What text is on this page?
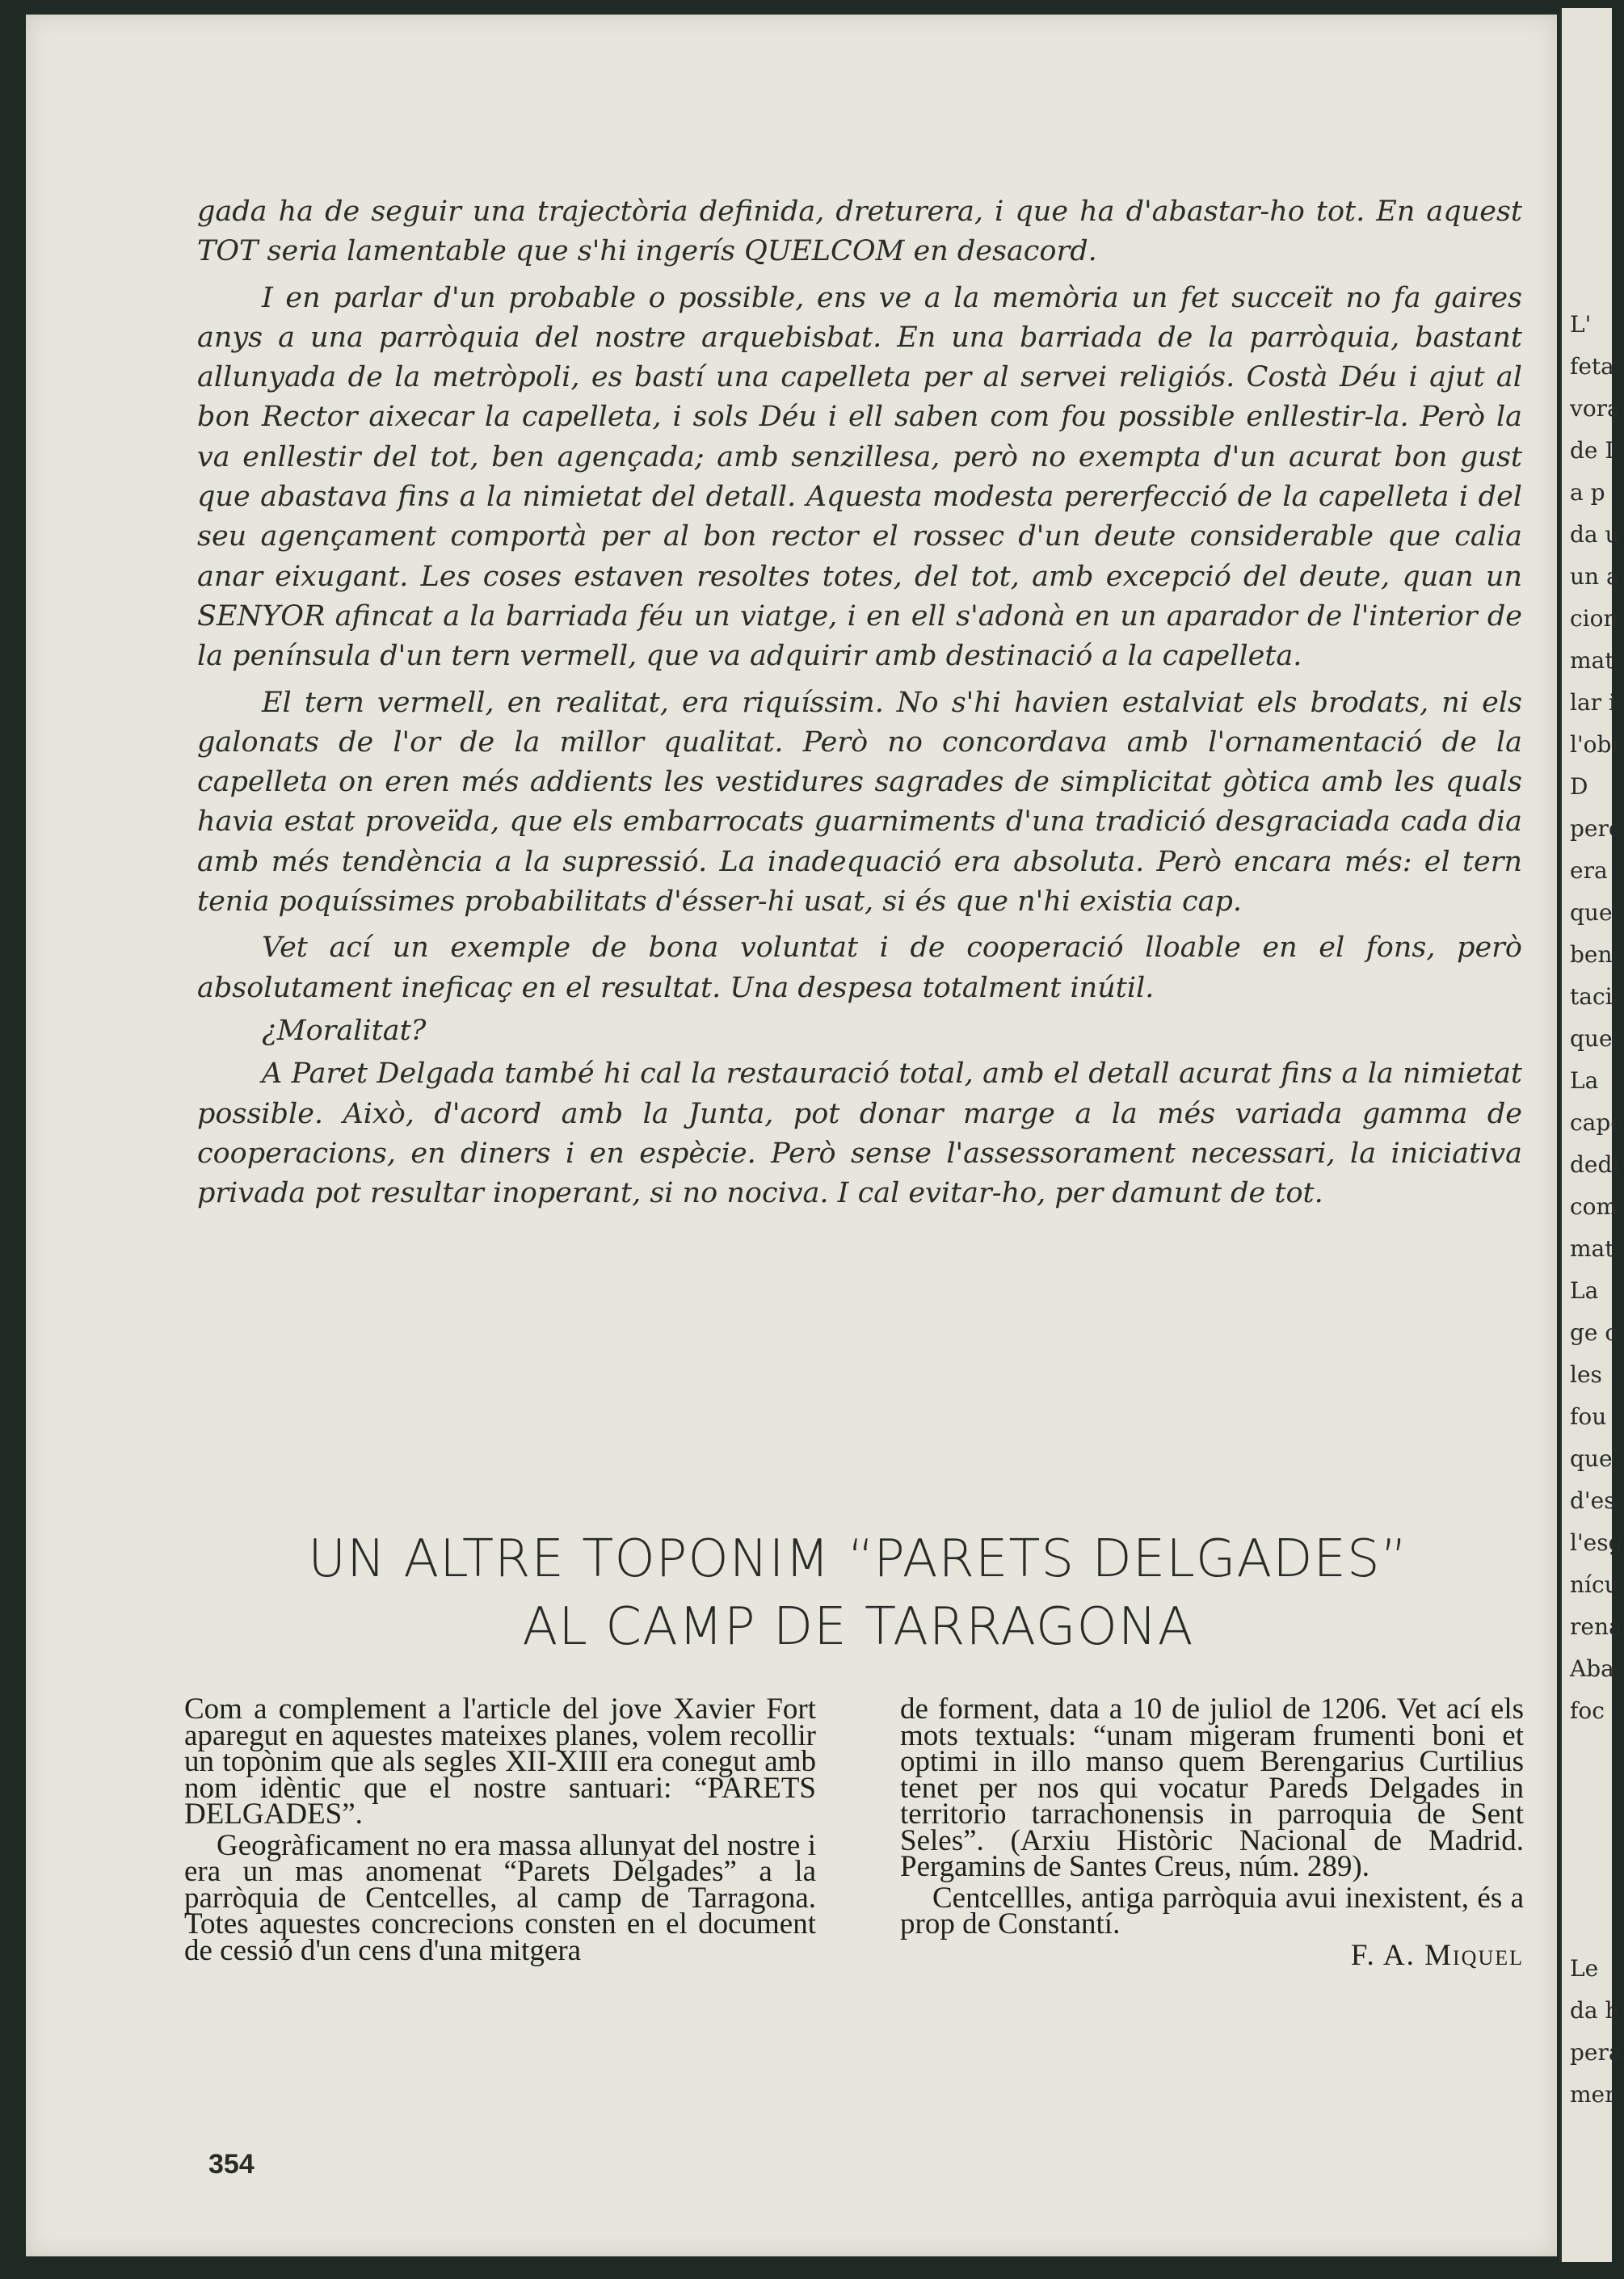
gada ha de seguir una trajectòria definida, dreturera, i que ha d'abastar-ho tot. En aquest TOT seria lamentable que s'hi ingerís QUELCOM en desacord.

I en parlar d'un probable o possible, ens ve a la memòria un fet succeït no fa gaires anys a una parròquia del nostre arquebisbat. En una barriada de la parròquia, bastant allunyada de la metròpoli, es bastí una capelleta per al servei religiós. Costà Déu i ajut al bon Rector aixecar la capelleta, i sols Déu i ell saben com fou possible enllestir-la. Però la va enllestir del tot, ben agençada; amb senzillesa, però no exempta d'un acurat bon gust que abastava fins a la nimietat del detall. Aquesta modesta pererfecció de la capelleta i del seu agençament comportà per al bon rector el rossec d'un deute considerable que calia anar eixugant. Les coses estaven resoltes totes, del tot, amb excepció del deute, quan un SENYOR afincat a la barriada féu un viatge, i en ell s'adonà en un aparador de l'interior de la península d'un tern vermell, que va adquirir amb destinació a la capelleta.

El tern vermell, en realitat, era riquíssim. No s'hi havien estalviat els brodats, ni els galonats de l'or de la millor qualitat. Però no concordava amb l'ornamentació de la capelleta on eren més addients les vestidures sagrades de simplicitat gòtica amb les quals havia estat proveïda, que els embarrocats guarniments d'una tradició desgraciada cada dia amb més tendència a la supressió. La inadequació era absoluta. Però encara més: el tern tenia poquíssimes probabilitats d'ésser-hi usat, si és que n'hi existia cap.

Vet ací un exemple de bona voluntat i de cooperació lloable en el fons, però absolutament ineficaç en el resultat. Una despesa totalment inútil.

¿Moralitat?

A Paret Delgada també hi cal la restauració total, amb el detall acurat fins a la nimietat possible. Això, d'acord amb la Junta, pot donar marge a la més variada gamma de cooperacions, en diners i en espècie. Però sense l'assessorament necessari, la iniciativa privada pot resultar inoperant, si no nociva. I cal evitar-ho, per damunt de tot.

UN ALTRE TOPONIM “PARETS DELGADES”
AL CAMP DE TARRAGONA

Com a complement a l'article del jove Xavier Fort aparegut en aquestes mateixes planes, volem recollir un topònim que als segles XII-XIII era conegut amb nom idèntic que el nostre santuari: “PARETS DELGADES”.

Geogràficament no era massa allunyat del nostre i era un mas anomenat “Parets Delgades” a la parròquia de Centcelles, al camp de Tarragona. Totes aquestes concrecions consten en el document de cessió d'un cens d'una mitgera

de forment, data a 10 de juliol de 1206. Vet ací els mots textuals: “unam migeram frumenti boni et optimi in illo manso quem Berengarius Curtilius tenet per nos qui vocatur Pareds Delgades in territorio tarrachonensis in parroquia de Sent Seles”. (Arxiu Històric Nacional de Madrid. Pergamins de Santes Creus, núm. 289).

Centcellles, antiga parròquia avui inexistent, és a prop de Constantí.

F. A. Miquel

354
L'
feta
vora
de I
a p
da u
un a
cion
mat
lar i
l'obr
D
perc
era
que
ben
taci
que
La
cape
dedi
com
mat
La
ge c
les
fou
que
d'es
l'esg
nícu
rena
Aba
foc
Le
da h
pera
mer
